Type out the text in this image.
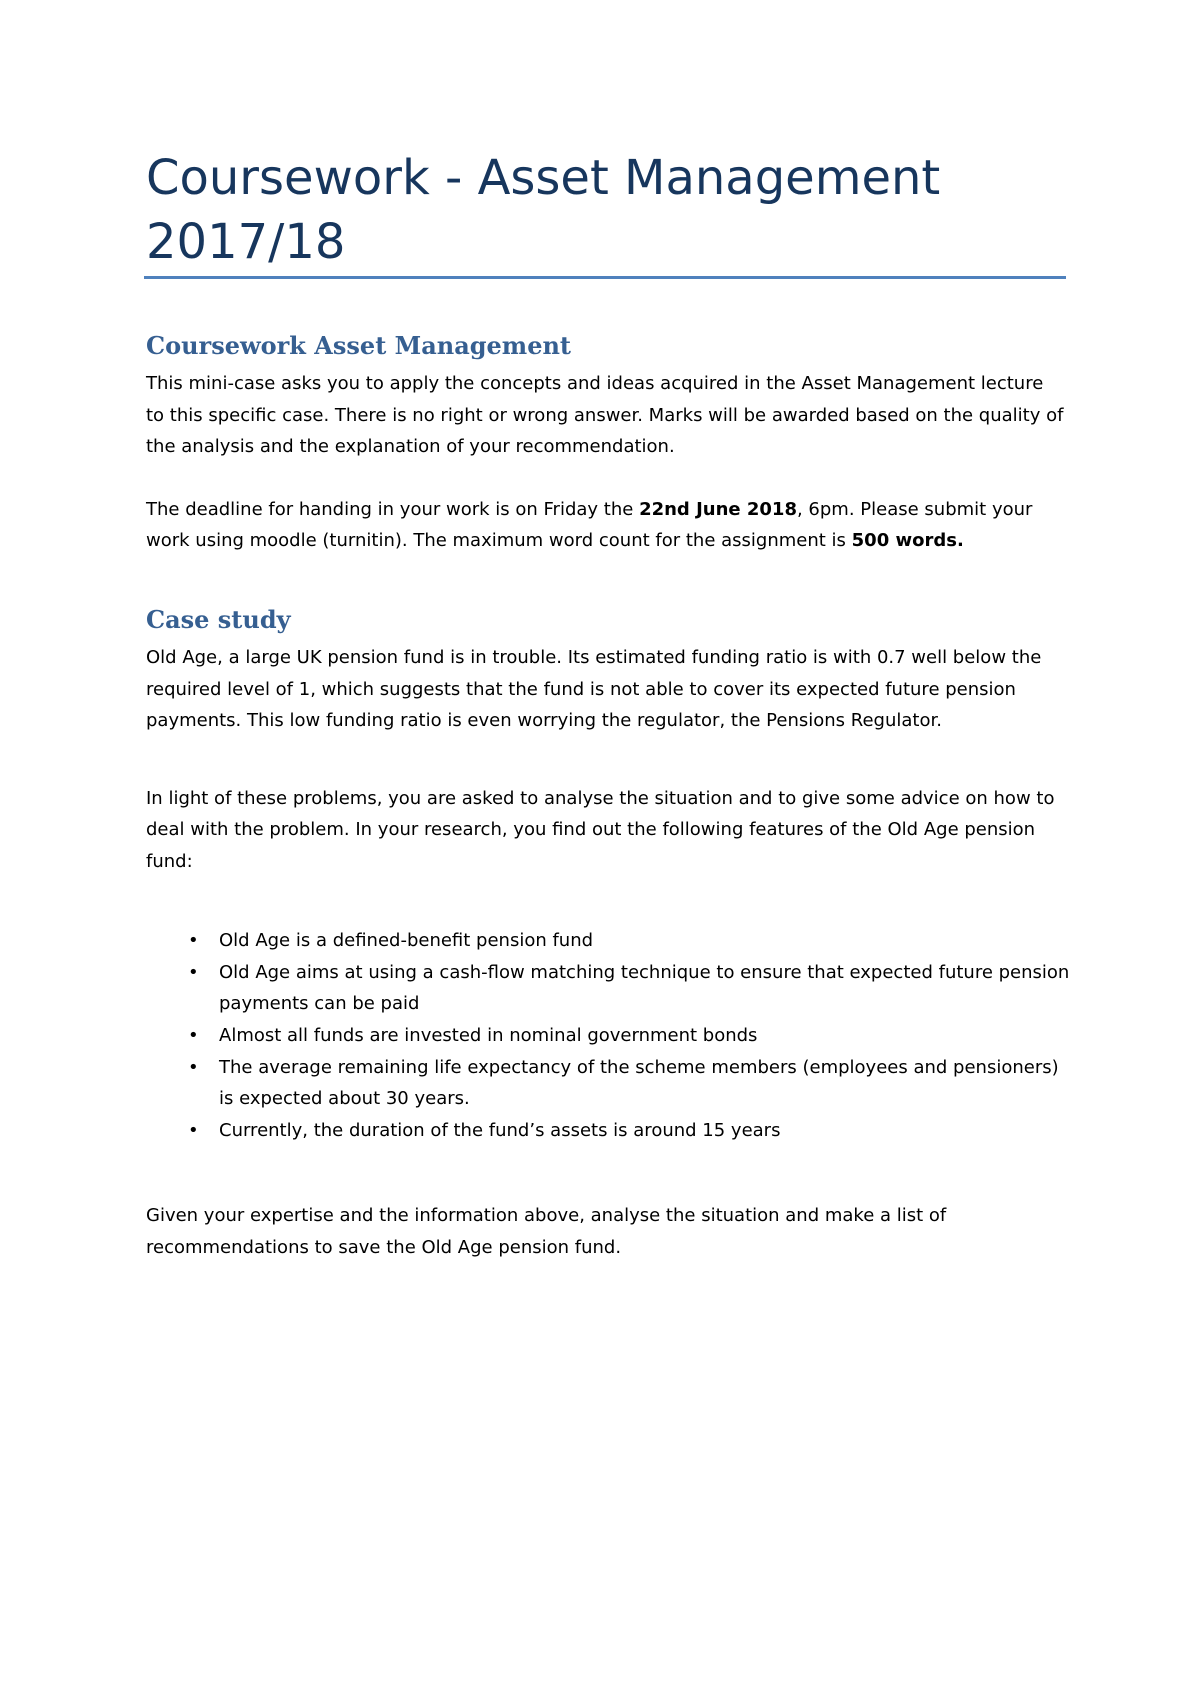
Coursework - Asset Management 2017/18
Coursework Asset Management

This mini-case asks you to apply the concepts and ideas acquired in the Asset Management lecture to this specific case. There is no right or wrong answer. Marks will be awarded based on the quality of the analysis and the explanation of your recommendation.

The deadline for handing in your work is on Friday the 22nd June 2018, 6pm. Please submit your work using moodle (turnitin). The maximum word count for the assignment is 500 words.

Case study

Old Age, a large UK pension fund is in trouble. Its estimated funding ratio is with 0.7 well below the required level of 1, which suggests that the fund is not able to cover its expected future pension payments. This low funding ratio is even worrying the regulator, the Pensions Regulator.

In light of these problems, you are asked to analyse the situation and to give some advice on how to deal with the problem. In your research, you find out the following features of the Old Age pension fund:

• Old Age is a defined-benefit pension fund
• Old Age aims at using a cash-flow matching technique to ensure that expected future pension payments can be paid
• Almost all funds are invested in nominal government bonds
• The average remaining life expectancy of the scheme members (employees and pensioners) is expected about 30 years.
• Currently, the duration of the fund’s assets is around 15 years

Given your expertise and the information above, analyse the situation and make a list of recommendations to save the Old Age pension fund.
